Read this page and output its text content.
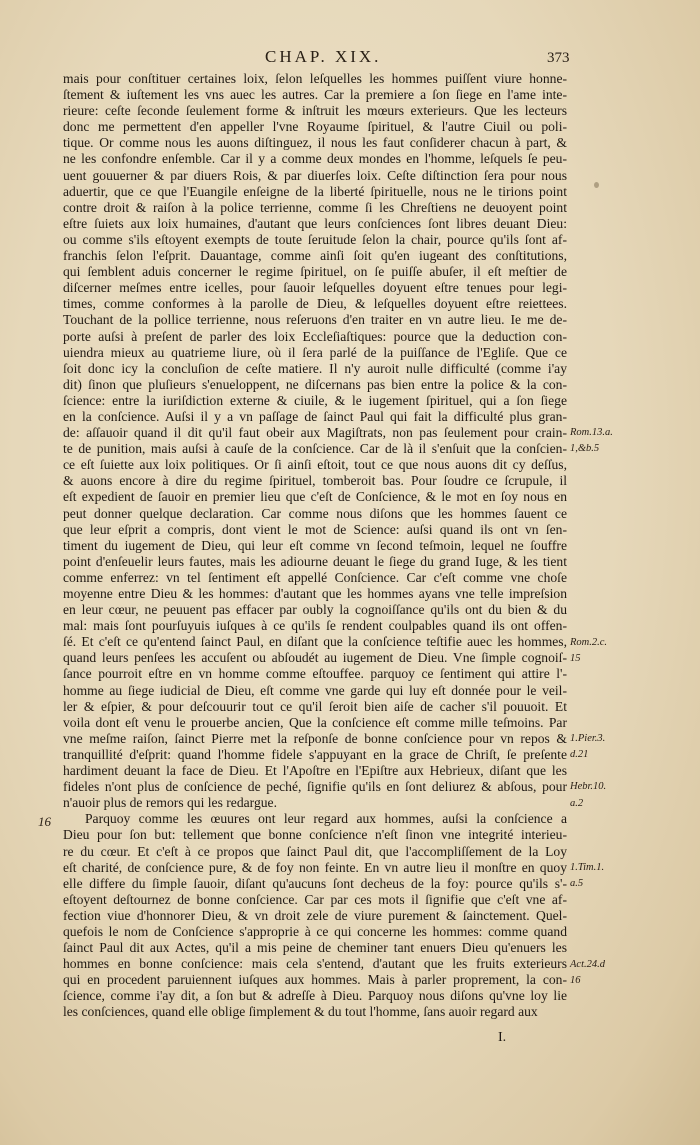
CHAP. XIX.	373
16
mais pour conſtituer certaines loix, ſelon leſquelles les hommes puiſſent viure honne-
ſtement & iuſtement les vns auec les autres. Car la premiere a ſon ſiege en l'ame inte-
rieure: ceſte ſeconde ſeulement forme & inſtruit les mœurs exterieurs. Que les lecteurs
donc me permettent d'en appeller l'vne Royaume ſpirituel, & l'autre Ciuil ou poli-
tique. Or comme nous les auons diſtinguez, il nous les faut conſiderer chacun à part, &
ne les confondre enſemble. Car il y a comme deux mondes en l'homme, leſquels ſe peu-
uent gouuerner & par diuers Rois, & par diuerſes loix. Ceſte diſtinction ſera pour nous
aduertir, que ce que l'Euangile enſeigne de la liberté ſpirituelle, nous ne le tirions point
contre droit & raiſon à la police terrienne, comme ſi les Chreſtiens ne deuoyent point
eſtre ſuiets aux loix humaines, d'autant que leurs conſciences ſont libres deuant Dieu:
ou comme s'ils eſtoyent exempts de toute ſeruitude ſelon la chair, pource qu'ils ſont af-
franchis ſelon l'eſprit. Dauantage, comme ainſi ſoit qu'en iugeant des conſtitutions,
qui ſemblent aduis concerner le regime ſpirituel, on ſe puiſſe abuſer, il eſt meſtier de
diſcerner meſmes entre icelles, pour ſauoir leſquelles doyuent eſtre tenues pour legi-
times, comme conformes à la parolle de Dieu, & leſquelles doyuent eſtre reiettees.
Touchant de la pollice terrienne, nous reſeruons d'en traiter en vn autre lieu. Ie me de-
porte auſsi à preſent de parler des loix Eccleſiaſtiques: pource que la deduction con-
uiendra mieux au quatrieme liure, où il ſera parlé de la puiſſance de l'Egliſe. Que ce
ſoit donc icy la concluſion de ceſte matiere. Il n'y auroit nulle difficulté (comme i'ay
dit) ſinon que pluſieurs s'enueloppent, ne diſcernans pas bien entre la police & la con-
ſcience: entre la iuriſdiction externe & ciuile, & le iugement ſpirituel, qui a ſon ſiege
en la conſcience. Auſsi il y a vn paſſage de ſainct Paul qui fait la difficulté plus gran-
de: aſſauoir quand il dit qu'il faut obeir aux Magiſtrats, non pas ſeulement pour crain-
te de punition, mais auſsi à cauſe de la conſcience. Car de là il s'enſuit que la conſcien-
ce eſt ſuiette aux loix politiques. Or ſi ainſi eſtoit, tout ce que nous auons dit cy deſſus,
& auons encore à dire du regime ſpirituel, tomberoit bas. Pour ſoudre ce ſcrupule, il
eſt expedient de ſauoir en premier lieu que c'eſt de Conſcience, & le mot en ſoy nous en
peut donner quelque declaration. Car comme nous diſons que les hommes ſauent ce
que leur eſprit a compris, dont vient le mot de Science: auſsi quand ils ont vn ſen-
timent du iugement de Dieu, qui leur eſt comme vn ſecond teſmoin, lequel ne ſouffre
point d'enſeuelir leurs fautes, mais les adiourne deuant le ſiege du grand Iuge, & les tient
comme enferrez: vn tel ſentiment eſt appellé Conſcience. Car c'eſt comme vne choſe
moyenne entre Dieu & les hommes: d'autant que les hommes ayans vne telle impreſsion
en leur cœur, ne peuuent pas effacer par oubly la cognoiſſance qu'ils ont du bien & du
mal: mais ſont pourſuyuis iuſques à ce qu'ils ſe rendent coulpables quand ils ont offen-
ſé. Et c'eſt ce qu'entend ſainct Paul, en diſant que la conſcience teſtifie auec les hommes,
quand leurs penſees les accuſent ou abſoudét au iugement de Dieu. Vne ſimple cognoiſ-
ſance pourroit eſtre en vn homme comme eſtouffee. parquoy ce ſentiment qui attire l'-
homme au ſiege iudicial de Dieu, eſt comme vne garde qui luy eſt donnée pour le veil-
ler & eſpier, & pour deſcouurir tout ce qu'il ſeroit bien aiſe de cacher s'il pouuoit. Et
voila dont eſt venu le prouerbe ancien, Que la conſcience eſt comme mille teſmoins. Par
vne meſme raiſon, ſainct Pierre met la reſponſe de bonne conſcience pour vn repos &
tranquillité d'eſprit: quand l'homme fidele s'appuyant en la grace de Chriſt, ſe preſente
hardiment deuant la face de Dieu. Et l'Apoſtre en l'Epiſtre aux Hebrieux, diſant que les
fideles n'ont plus de conſcience de peché, ſignifie qu'ils en ſont deliurez & abſous, pour
n'auoir plus de remors qui les redargue.
Parquoy comme les œuures ont leur regard aux hommes, auſsi la conſcience a
Dieu pour ſon but: tellement que bonne conſcience n'eſt ſinon vne integrité interieu-
re du cœur. Et c'eſt à ce propos que ſainct Paul dit, que l'accompliſſement de la Loy
eſt charité, de conſcience pure, & de foy non feinte. En vn autre lieu il monſtre en quoy
elle differe du ſimple ſauoir, diſant qu'aucuns ſont decheus de la foy: pource qu'ils s'-
eſtoyent deſtournez de bonne conſcience. Car par ces mots il ſignifie que c'eſt vne af-
fection viue d'honnorer Dieu, & vn droit zele de viure purement & ſainctement. Quel-
quefois le nom de Conſcience s'approprie à ce qui concerne les hommes: comme quand
ſainct Paul dit aux Actes, qu'il a mis peine de cheminer tant enuers Dieu qu'enuers les
hommes en bonne conſcience: mais cela s'entend, d'autant que les fruits exterieurs
qui en procedent paruiennent iuſques aux hommes. Mais à parler proprement, la con-
ſcience, comme i'ay dit, a ſon but & adreſſe à Dieu. Parquoy nous diſons qu'vne loy lie
les conſciences, quand elle oblige ſimplement & du tout l'homme, ſans auoir regard aux
Rom.13.a.
1,&b.5
Rom.2.c.
15
1.Pier.3.
d.21
Hebr.10.
a.2
1.Tim.1.
a.5
Act.24.d
16
I.
